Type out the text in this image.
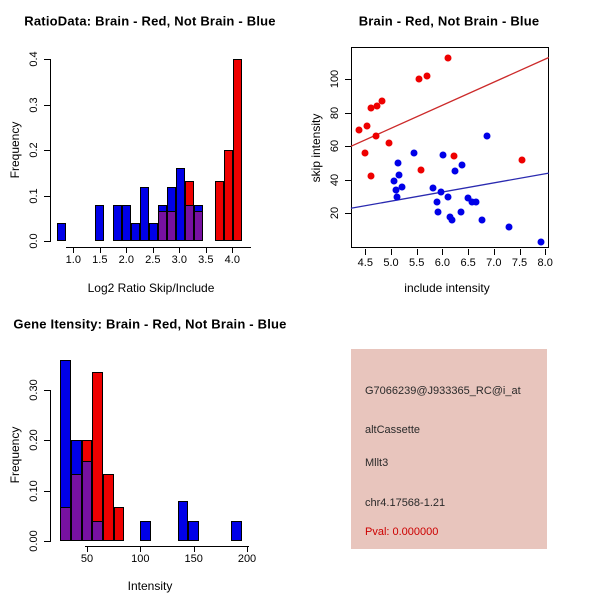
RatioData: Brain - Red, Not Brain - Blue	Brain - Red, Not Brain - Blue
Gene Itensity: Brain - Red, Not Brain - Blue
Log2 Ratio Skip/Include
Frequency
include intensity
skip intensity
Intensity
Frequency
0.0
0.1
0.2
0.3
0.4
1.0 1.5 2.0 2.5 3.0 3.5 4.0	4.5 5.0 5.5 6.0 6.5 7.0 7.5 8.0
20
40
60
80
100
0.00
0.10
0.20
0.30
50	100	150	200
G7066239@J933365_RC@i_at
altCassette
Mllt3
chr4.17568-1.21
Pval: 0.000000
